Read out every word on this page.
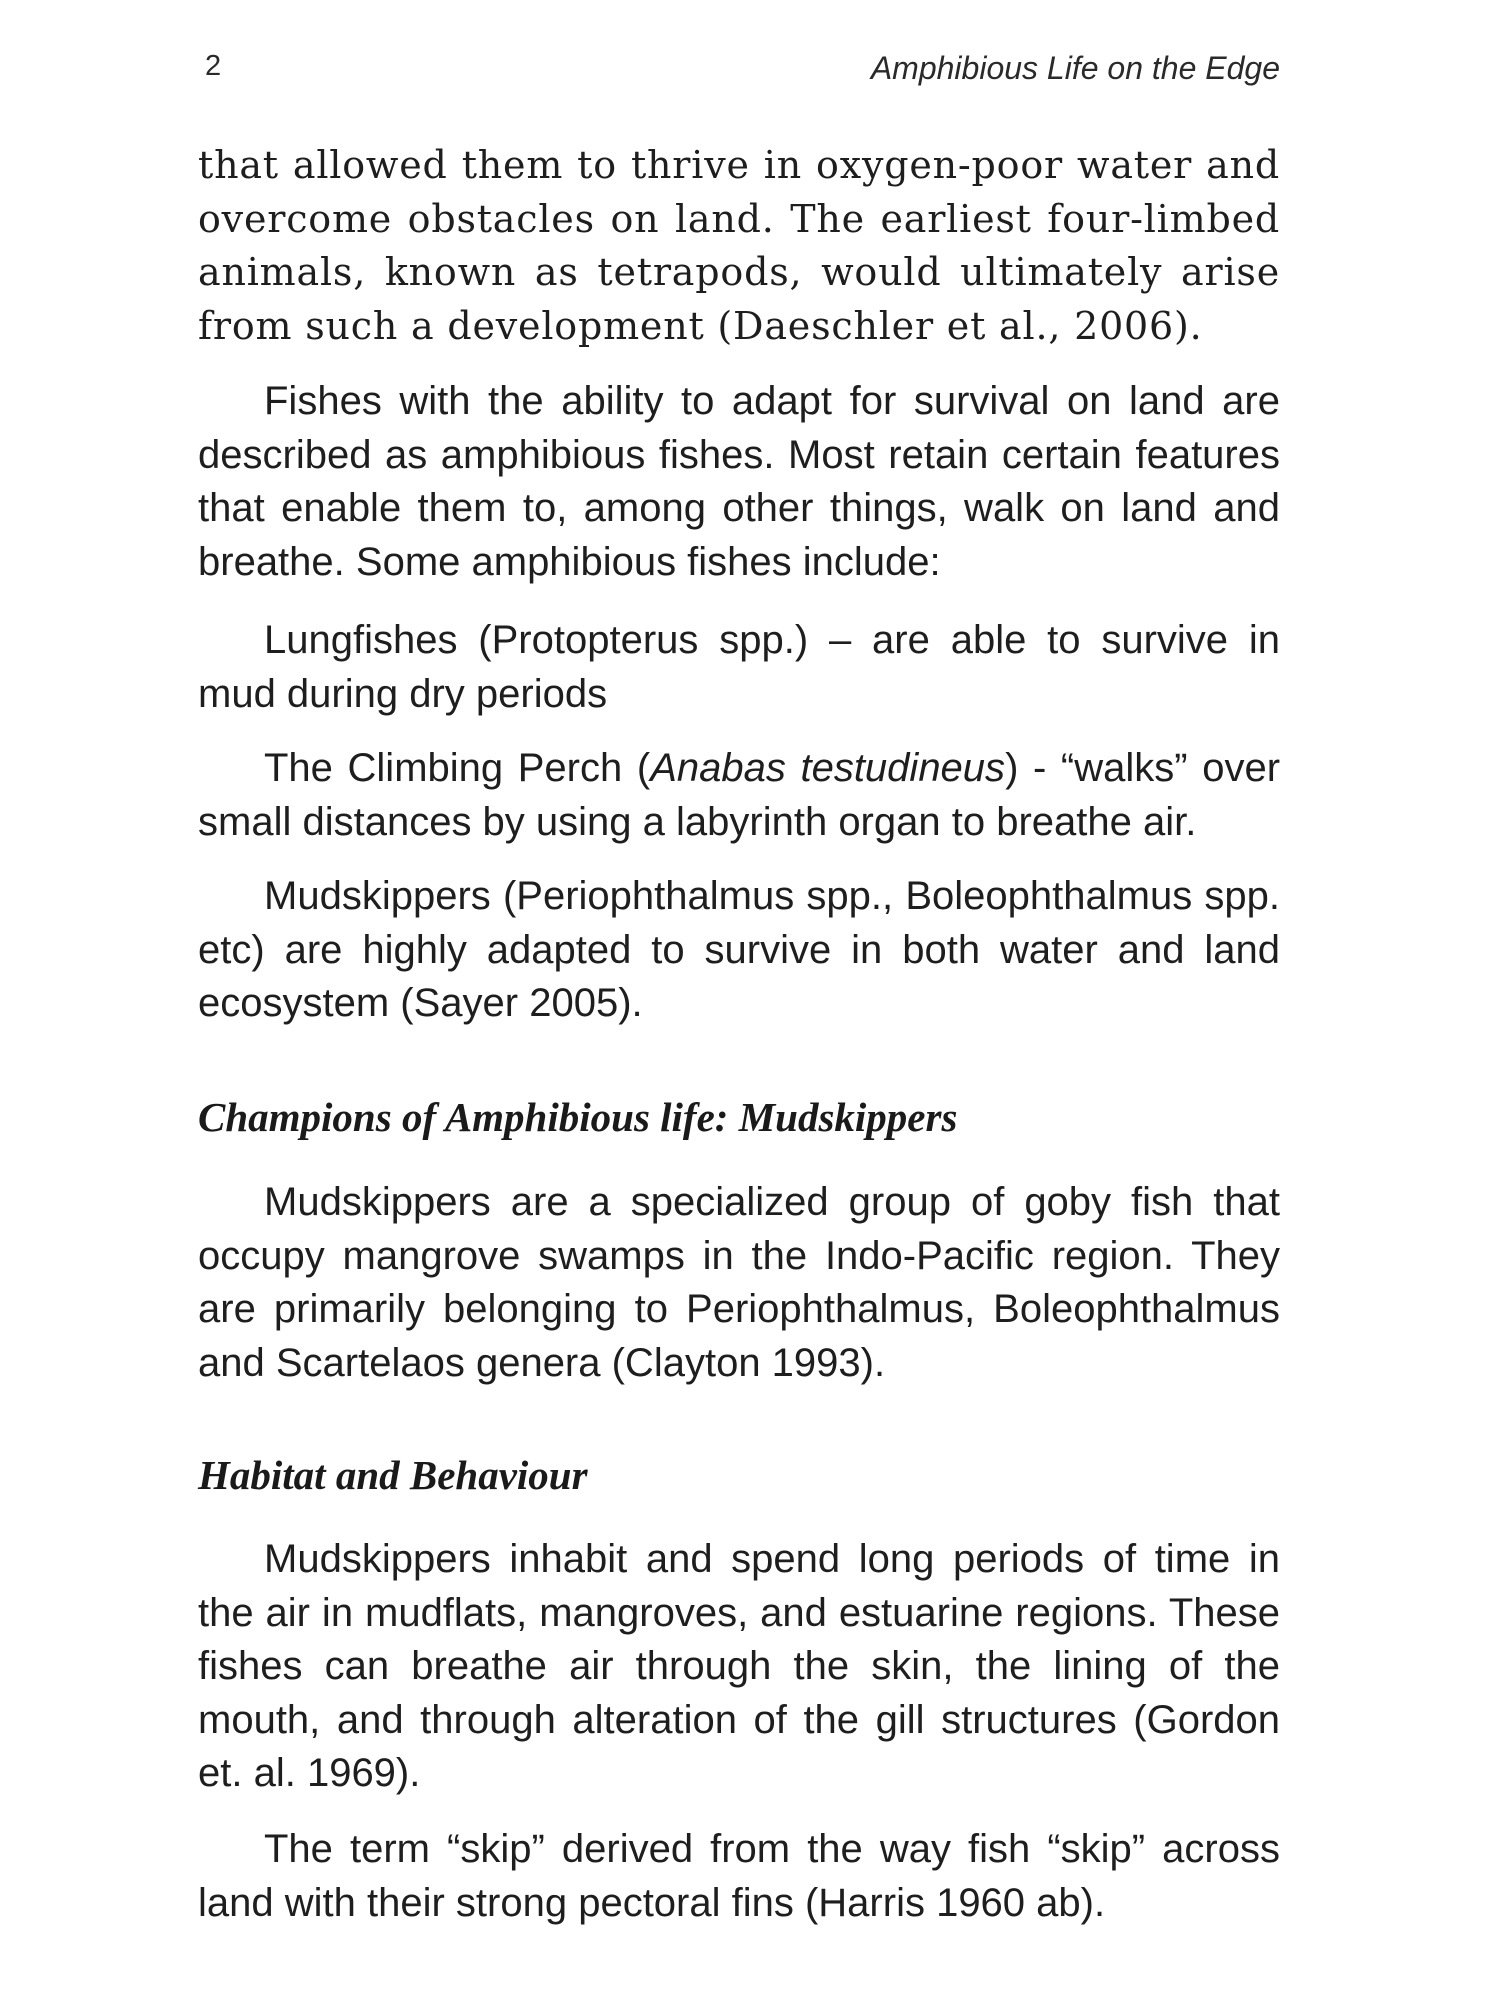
2	Amphibious Life on the Edge

that allowed them to thrive in oxygen-poor water and overcome obstacles on land. The earliest four-limbed animals, known as tetrapods, would ultimately arise from such a development (Daeschler et al., 2006).

Fishes with the ability to adapt for survival on land are described as amphibious fishes. Most retain certain features that enable them to, among other things, walk on land and breathe. Some amphibious fishes include:

Lungfishes (Protopterus spp.) – are able to survive in mud during dry periods

The Climbing Perch (Anabas testudineus) - “walks” over small distances by using a labyrinth organ to breathe air.

Mudskippers (Periophthalmus spp., Boleophthalmus spp. etc) are highly adapted to survive in both water and land ecosystem (Sayer 2005).

Champions of Amphibious life: Mudskippers

Mudskippers are a specialized group of goby fish that occupy mangrove swamps in the Indo-Pacific region. They are primarily belonging to Periophthalmus, Boleophthalmus and Scartelaos genera (Clayton 1993).

Habitat and Behaviour

Mudskippers inhabit and spend long periods of time in the air in mudflats, mangroves, and estuarine regions. These fishes can breathe air through the skin, the lining of the mouth, and through alteration of the gill structures (Gordon et. al. 1969).

The term “skip” derived from the way fish “skip” across land with their strong pectoral fins (Harris 1960 ab).
